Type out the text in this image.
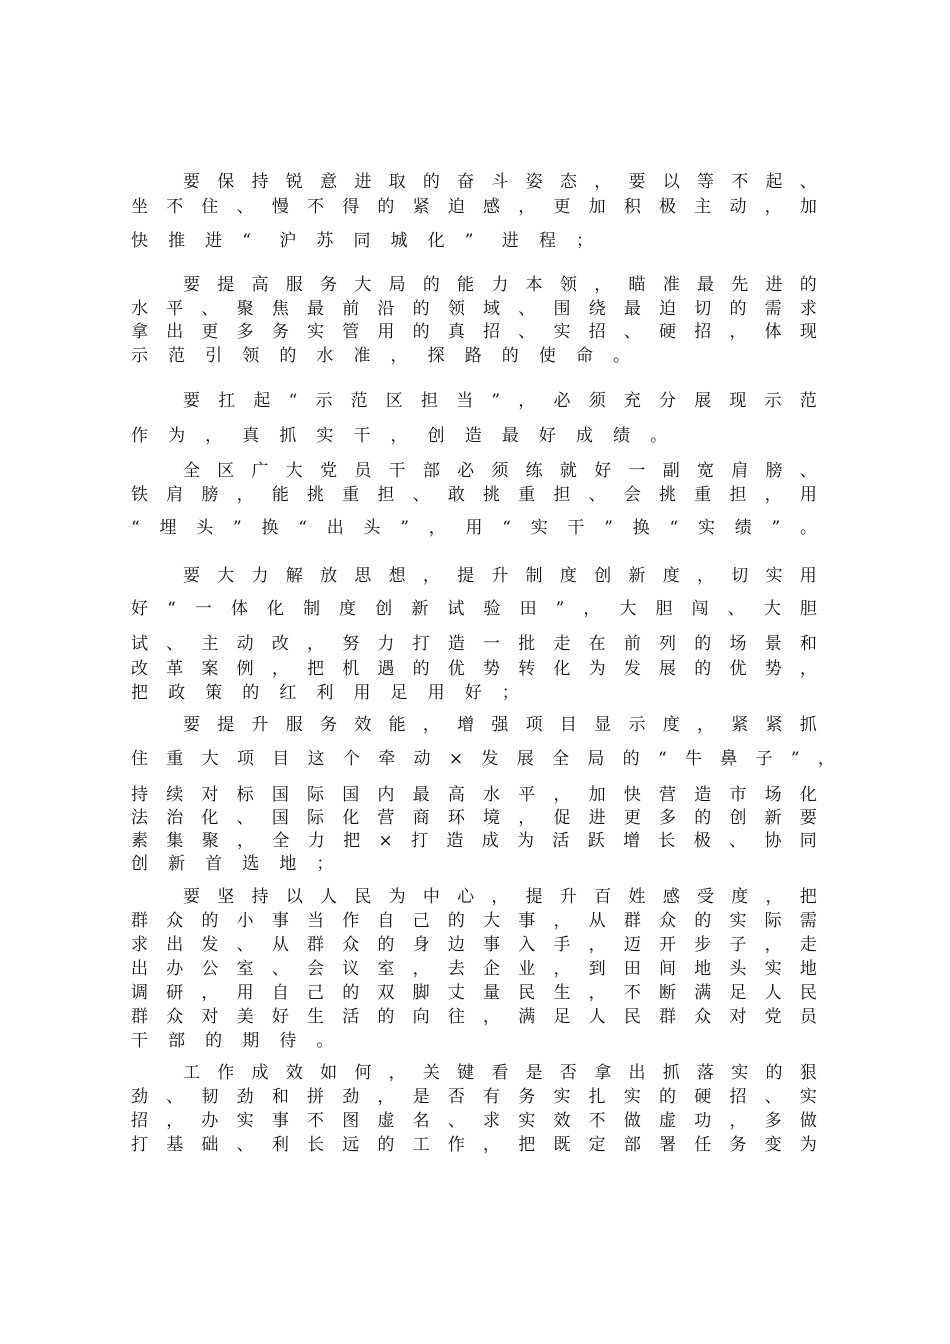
要 保 持 锐 意 进 取 的 奋 斗 姿 态 ， 要 以 等 不 起 、
坐 不 住 、 慢 不 得 的 紧 迫 感 ， 更 加 积 极 主 动 ， 加
快	推	进	“	沪	苏	同	城	化	”	进	程	；
要 提 高 服 务 大 局 的 能 力 本 领 ， 瞄 准 最 先 进 的
水 平 、 聚 焦 最 前 沿 的 领 域 、 围 绕 最 迫 切 的 需 求
拿 出 更 多 务 实 管 用 的 真 招 、 实 招 、 硬 招 ， 体 现
示	范	引	领	的	水	准	，	探	路	的	使	命	。
要 扛 起 “ 示 范 区 担 当 ” ， 必 须 充 分 展 现 示 范
作	为	，	真	抓	实	干	，	创	造	最	好	成	绩	。
全 区 广 大 党 员 干 部 必 须 练 就 好 一 副 宽 肩 膀 、
铁 肩 膀 ， 能 挑 重 担 、 敢 挑 重 担 、 会 挑 重 担 ， 用
“ 埋 头 ” 换 “ 出 头 ” ， 用 “ 实 干 ” 换 “ 实 绩 ” 。
要 大 力 解 放 思 想 ， 提 升 制 度 创 新 度 ， 切 实 用
好 “ 一 体 化 制 度 创 新 试 验 田 ” ， 大 胆 闯 、 大 胆
试 、 主 动 改 ， 努 力 打 造 一 批 走 在 前 列 的 场 景 和
改 革 案 例 ， 把 机 遇 的 优 势 转 化 为 发 展 的 优 势 ，
把	政	策	的	红	利	用	足	用	好	；
要 提 升 服 务 效 能 ， 增 强 项 目 显 示 度 ， 紧 紧 抓
住 重 大 项 目 这 个 牵 动 × 发 展 全 局 的 “ 牛 鼻 子 ” ，
持 续 对 标 国 际 国 内 最 高 水 平 ， 加 快 营 造 市 场 化
法 治 化 、 国 际 化 营 商 环 境 ， 促 进 更 多 的 创 新 要
素 集 聚 ， 全 力 把 × 打 造 成 为 活 跃 增 长 极 、 协 同
创	新	首	选	地	；
要 坚 持 以 人 民 为 中 心 ， 提 升 百 姓 感 受 度 ， 把
群 众 的 小 事 当 作 自 己 的 大 事 ， 从 群 众 的 实 际 需
求 出 发 、 从 群 众 的 身 边 事 入 手 ， 迈 开 步 子 ， 走
出 办 公 室 、 会 议 室 ， 去 企 业 ， 到 田 间 地 头 实 地
调 研 ， 用 自 己 的 双 脚 丈 量 民 生 ， 不 断 满 足 人 民
群 众 对 美 好 生 活 的 向 往 ， 满 足 人 民 群 众 对 党 员
干	部	的	期	待	。
工 作 成 效 如 何 ， 关 键 看 是 否 拿 出 抓 落 实 的 狠
劲 、 韧 劲 和 拼 劲 ， 是 否 有 务 实 扎 实 的 硬 招 、 实
招 ， 办 实 事 不 图 虚 名 、 求 实 效 不 做 虚 功 ， 多 做
打 基 础 、 利 长 远 的 工 作 ， 把 既 定 部 署 任 务 变 为
